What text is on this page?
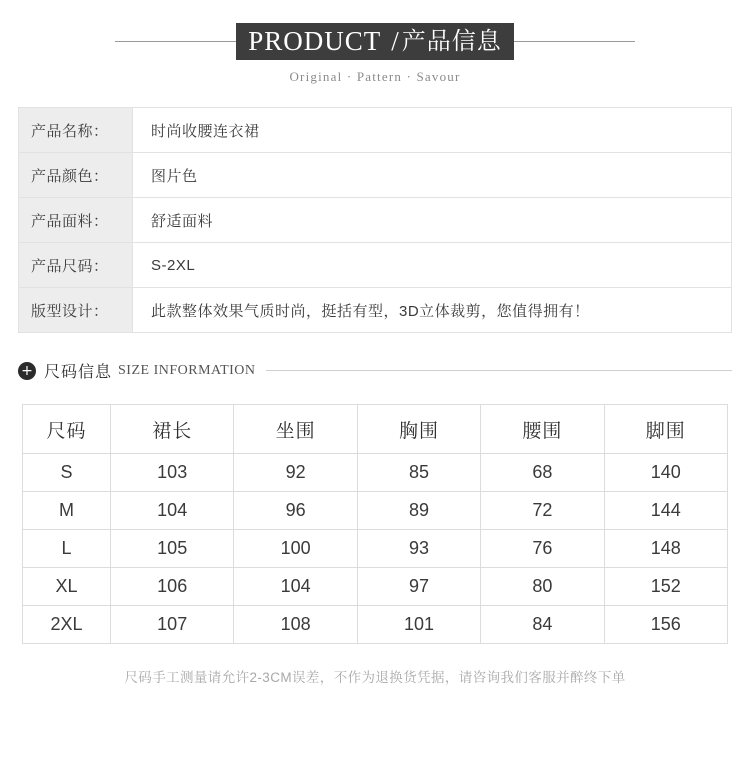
PRODUCT / 产品信息
Original · Pattern · Savour
产品名称：	时尚收腰连衣裙
产品颜色：	图片色
产品面料：	舒适面料
产品尺码：	S-2XL
版型设计：	此款整体效果气质时尚，挺括有型，3D立体裁剪，您值得拥有！
+ 尺码信息 SIZE INFORMATION
尺码	裙长	坐围	胸围	腰围	脚围
S	103	92	85	68	140
M	104	96	89	72	144
L	105	100	93	76	148
XL	106	104	97	80	152
2XL	107	108	101	84	156
尺码手工测量请允许2-3CM误差，不作为退换货凭据，请咨询我们客服并醉终下单
